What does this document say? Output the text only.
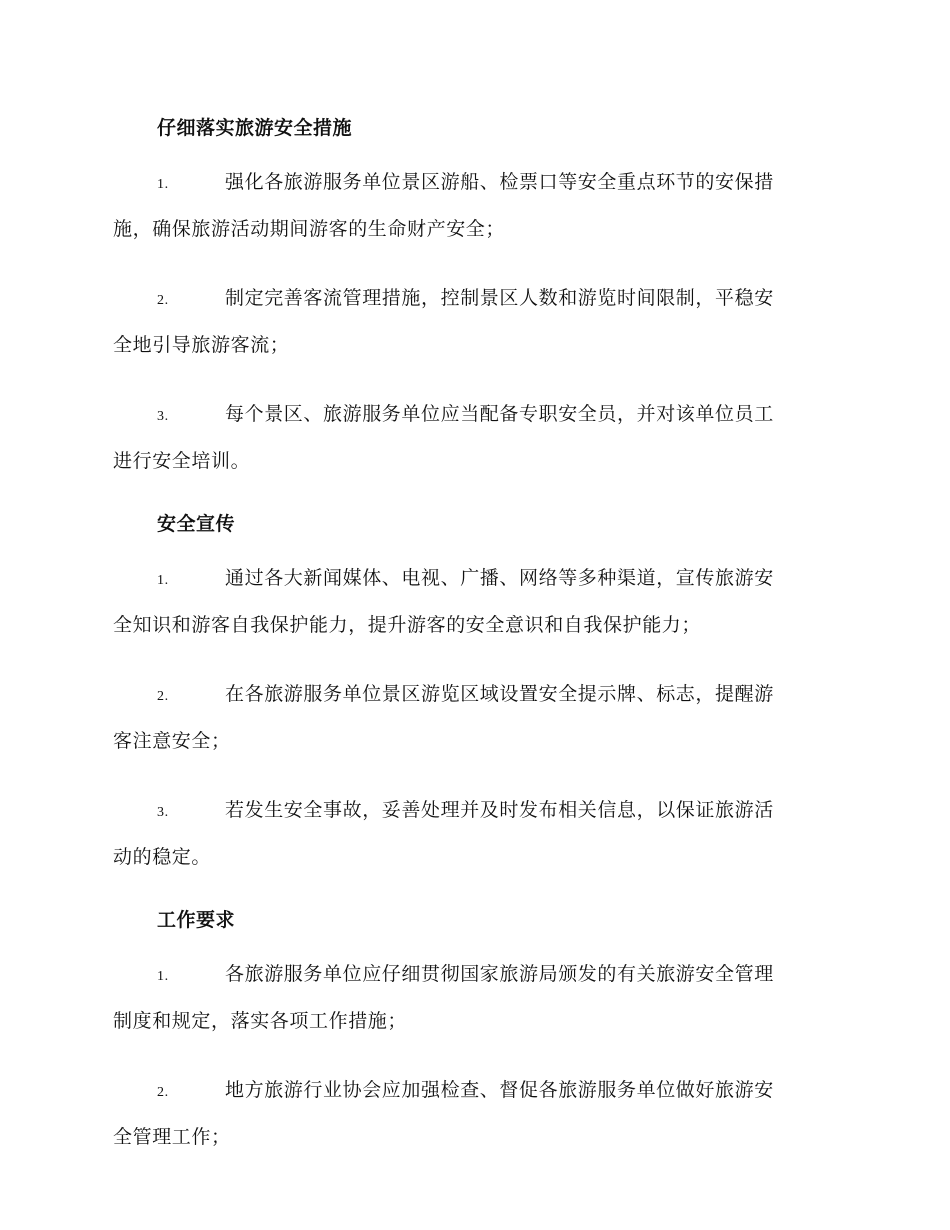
仔细落实旅游安全措施
1.	强化各旅游服务单位景区游船、检票口等安全重点环节的安保措
施，确保旅游活动期间游客的生命财产安全；
2.	制定完善客流管理措施，控制景区人数和游览时间限制，平稳安
全地引导旅游客流；
3.	每个景区、旅游服务单位应当配备专职安全员，并对该单位员工
进行安全培训。
安全宣传
1.	通过各大新闻媒体、电视、广播、网络等多种渠道，宣传旅游安
全知识和游客自我保护能力，提升游客的安全意识和自我保护能力；
2.	在各旅游服务单位景区游览区域设置安全提示牌、标志，提醒游
客注意安全；
3.	若发生安全事故，妥善处理并及时发布相关信息，以保证旅游活
动的稳定。
工作要求
1.	各旅游服务单位应仔细贯彻国家旅游局颁发的有关旅游安全管理
制度和规定，落实各项工作措施；
2.	地方旅游行业协会应加强检查、督促各旅游服务单位做好旅游安
全管理工作；
